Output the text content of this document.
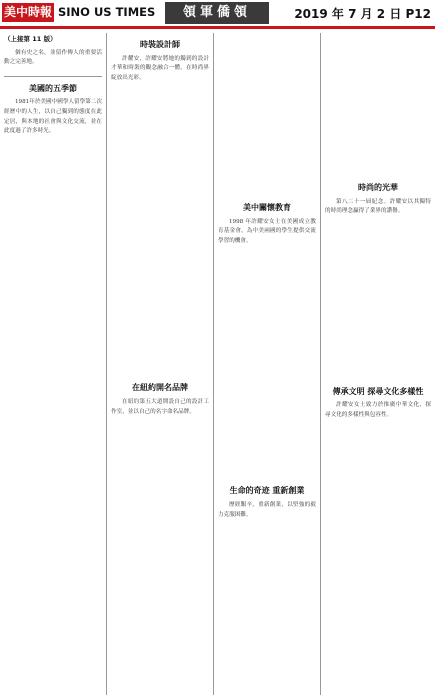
美中時報 SINO US TIMES	領軍僑領	2019 年 7 月 2 日 P12
（上接第 11 版）

個有史之名，並留作傳人的重要活動之完善地。

美國的五季節

1981年於美國中國學人留學第二次經歷中的人生，以自己獨到的態度在此定居，與本地的社會與文化交流，並在此度過了許多時光。

時裝設計師

許耀安，許耀安將她的獨到的設計才華和時裝的觀念融合一體，在時尚界綻放出光彩。

在紐約開名品牌

在紐約第五大道開設自己的設計工作室，並以自己的名字命名品牌。

美中關懷教育

1998 年許耀安女士在美國成立教育基金會，為中美兩國的學生提供交流學習的機會。

生命的奇迹 重新創業

歷經艱辛，重新創業，以堅強的毅力克服困難。

時尚的光華

第八二十一屆紀念。許耀安以其獨特的時尚理念贏得了業界的讚譽。

傳承文明 探尋文化多樣性

許耀安女士致力於推廣中華文化，探尋文化的多樣性與包容性。
